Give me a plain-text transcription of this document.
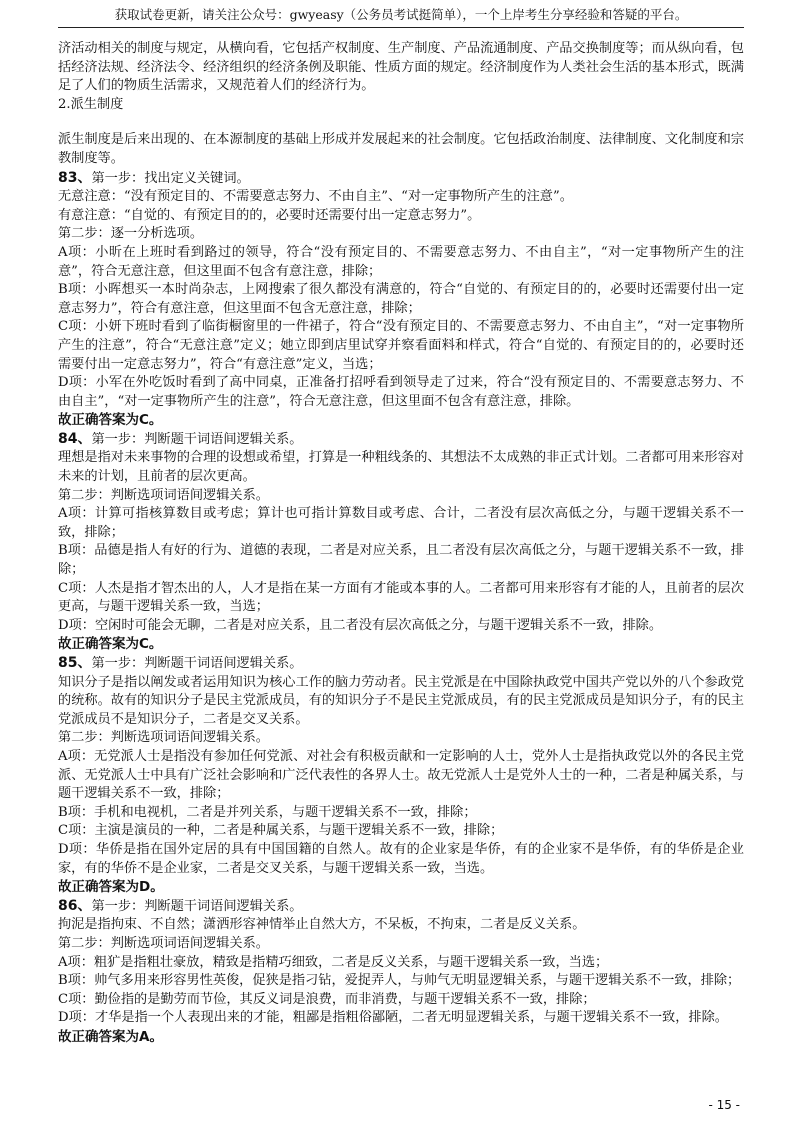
获取试卷更新，请关注公众号：gwyeasy（公务员考试挺简单），一个上岸考生分享经验和答疑的平台。

济活动相关的制度与规定，从横向看，它包括产权制度、生产制度、产品流通制度、产品交换制度等；而从纵向看，包括经济法规、经济法令、经济组织的经济条例及职能、性质方面的规定。经济制度作为人类社会生活的基本形式，既满足了人们的物质生活需求，又规范着人们的经济行为。

2.派生制度

派生制度是后来出现的、在本源制度的基础上形成并发展起来的社会制度。它包括政治制度、法律制度、文化制度和宗教制度等。

83、第一步：找出定义关键词。

无意注意：“没有预定目的、不需要意志努力、不由自主”、“对一定事物所产生的注意”。

有意注意：“自觉的、有预定目的的，必要时还需要付出一定意志努力”。

第二步：逐一分析选项。

A项：小昕在上班时看到路过的领导，符合“没有预定目的、不需要意志努力、不由自主”，“对一定事物所产生的注意”，符合无意注意，但这里面不包含有意注意，排除；

B项：小晖想买一本时尚杂志，上网搜索了很久都没有满意的，符合“自觉的、有预定目的的，必要时还需要付出一定意志努力”，符合有意注意，但这里面不包含无意注意，排除；

C项：小妍下班时看到了临街橱窗里的一件裙子，符合“没有预定目的、不需要意志努力、不由自主”，“对一定事物所产生的注意”，符合“无意注意”定义；她立即到店里试穿并察看面料和样式，符合“自觉的、有预定目的的，必要时还需要付出一定意志努力”，符合“有意注意”定义，当选；

D项：小军在外吃饭时看到了高中同桌，正准备打招呼看到领导走了过来，符合“没有预定目的、不需要意志努力、不由自主”，“对一定事物所产生的注意”，符合无意注意，但这里面不包含有意注意，排除。

故正确答案为C。

84、第一步：判断题干词语间逻辑关系。

理想是指对未来事物的合理的设想或希望，打算是一种粗线条的、其想法不太成熟的非正式计划。二者都可用来形容对未来的计划，且前者的层次更高。

第二步：判断选项词语间逻辑关系。

A项：计算可指核算数目或考虑；算计也可指计算数目或考虑、合计，二者没有层次高低之分，与题干逻辑关系不一致，排除；

B项：品德是指人有好的行为、道德的表现，二者是对应关系，且二者没有层次高低之分，与题干逻辑关系不一致，排除；

C项：人杰是指才智杰出的人，人才是指在某一方面有才能或本事的人。二者都可用来形容有才能的人，且前者的层次更高，与题干逻辑关系一致，当选；

D项：空闲时可能会无聊，二者是对应关系，且二者没有层次高低之分，与题干逻辑关系不一致，排除。

故正确答案为C。

85、第一步：判断题干词语间逻辑关系。

知识分子是指以阐发或者运用知识为核心工作的脑力劳动者。民主党派是在中国除执政党中国共产党以外的八个参政党的统称。故有的知识分子是民主党派成员，有的知识分子不是民主党派成员，有的民主党派成员是知识分子，有的民主党派成员不是知识分子，二者是交叉关系。

第二步：判断选项词语间逻辑关系。

A项：无党派人士是指没有参加任何党派、对社会有积极贡献和一定影响的人士，党外人士是指执政党以外的各民主党派、无党派人士中具有广泛社会影响和广泛代表性的各界人士。故无党派人士是党外人士的一种，二者是种属关系，与题干逻辑关系不一致，排除；

B项：手机和电视机，二者是并列关系，与题干逻辑关系不一致，排除；

C项：主演是演员的一种，二者是种属关系，与题干逻辑关系不一致，排除；

D项：华侨是指在国外定居的具有中国国籍的自然人。故有的企业家是华侨，有的企业家不是华侨，有的华侨是企业家，有的华侨不是企业家，二者是交叉关系，与题干逻辑关系一致，当选。

故正确答案为D。

86、第一步：判断题干词语间逻辑关系。

拘泥是指拘束、不自然；潇洒形容神情举止自然大方，不呆板，不拘束，二者是反义关系。

第二步：判断选项词语间逻辑关系。

A项：粗犷是指粗壮豪放，精致是指精巧细致，二者是反义关系，与题干逻辑关系一致，当选；

B项：帅气多用来形容男性英俊，促狭是指刁钻，爱捉弄人，与帅气无明显逻辑关系，与题干逻辑关系不一致，排除；

C项：勤俭指的是勤劳而节俭，其反义词是浪费，而非消费，与题干逻辑关系不一致，排除；

D项：才华是指一个人表现出来的才能，粗鄙是指粗俗鄙陋，二者无明显逻辑关系，与题干逻辑关系不一致，排除。

故正确答案为A。

- 15 -
